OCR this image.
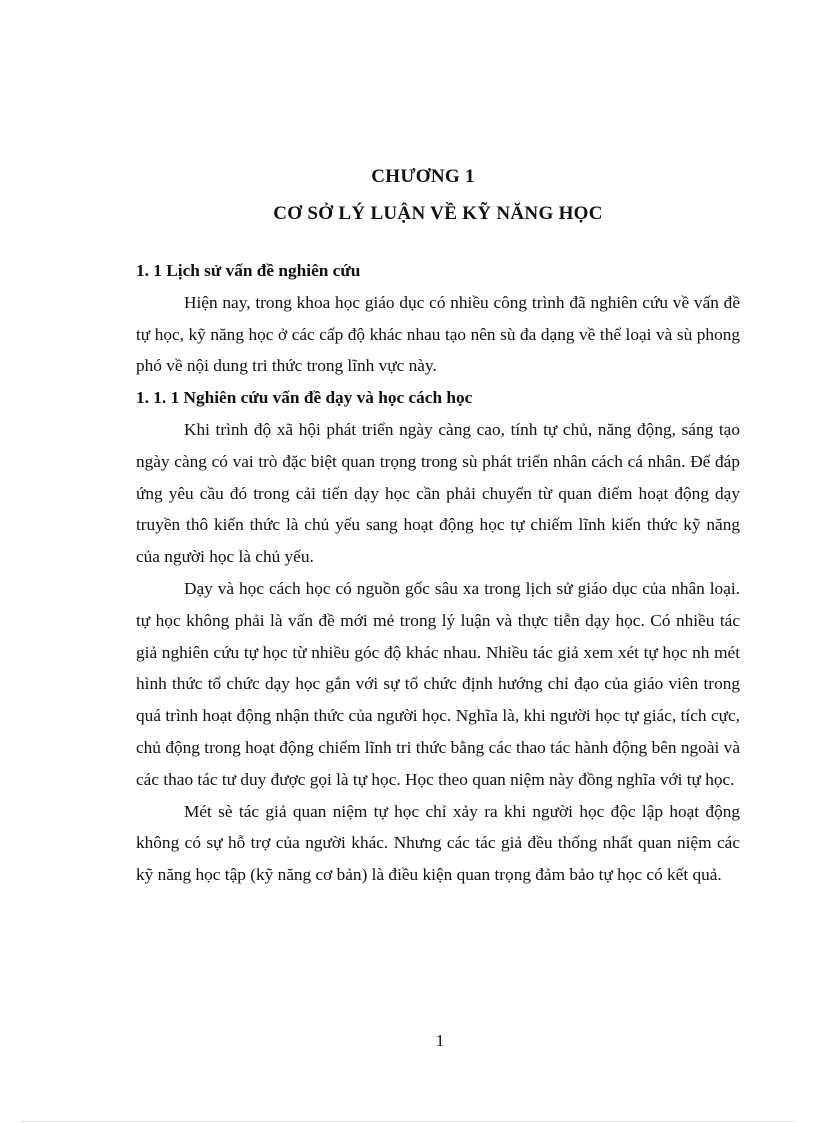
CHƯƠNG 1
CƠ SỞ LÝ LUẬN VỀ KỸ NĂNG HỌC

1. 1 Lịch sử vấn đề nghiên cứu

Hiện nay, trong khoa học giáo dục có nhiều công trình đã nghiên cứu về vấn đề tự học, kỹ năng học ở các cấp độ khác nhau tạo nên sù đa dạng về thể loại và sù phong phó về nội dung tri thức trong lĩnh vực này.

1. 1. 1 Nghiên cứu vấn đề dạy và học cách học

Khi trình độ xã hội phát triển ngày càng cao, tính tự chủ, năng động, sáng tạo ngày càng có vai trò đặc biệt quan trọng trong sù phát triển nhân cách cá nhân. Để đáp ứng yêu cầu đó trong cải tiến dạy học cần phải chuyển từ quan điểm hoạt động dạy truyền thô kiến thức là chủ yếu sang hoạt động học tự chiếm lĩnh kiến thức kỹ năng của người học là chủ yếu.

Dạy và học cách học có nguồn gốc sâu xa trong lịch sử giáo dục của nhân loại. tự học không phải là vấn đề mới mẻ trong lý luận và thực tiễn dạy học. Có nhiều tác giả nghiên cứu tự học từ nhiều góc độ khác nhau. Nhiều tác giả xem xét tự học nh mét hình thức tổ chức dạy học gắn với sự tổ chức định hướng chỉ đạo của giáo viên trong quá trình hoạt động nhận thức của người học. Nghĩa là, khi người học tự giác, tích cực, chủ động trong hoạt động chiếm lĩnh tri thức bằng các thao tác hành động bên ngoài và các thao tác tư duy được gọi là tự học. Học theo quan niệm này đồng nghĩa với tự học.

Mét sè tác giả quan niệm tự học chỉ xảy ra khi người học độc lập hoạt động không có sự hỗ trợ của người khác. Nhưng các tác giả đều thống nhất quan niệm các kỹ năng học tập (kỹ năng cơ bản) là điều kiện quan trọng đảm bảo tự học có kết quả.

1
